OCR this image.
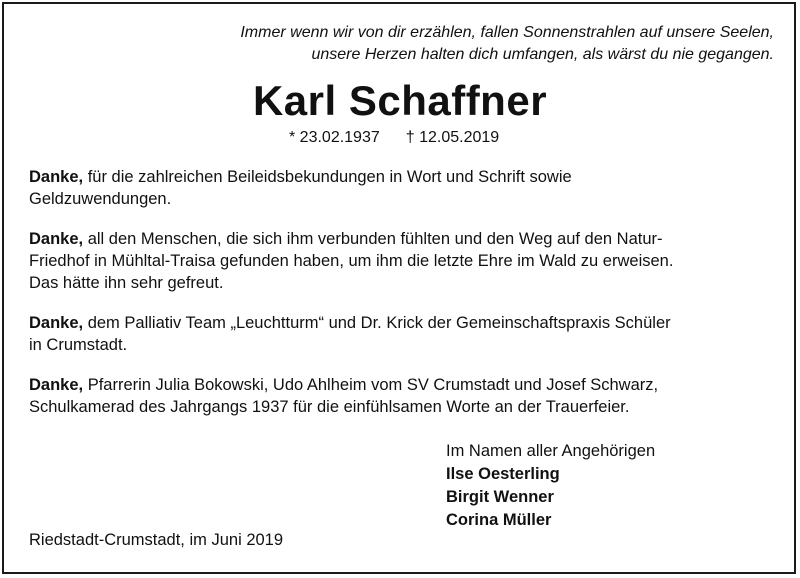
Immer wenn wir von dir erzählen, fallen Sonnenstrahlen auf unsere Seelen,
unsere Herzen halten dich umfangen, als wärst du nie gegangen.
Karl Schaffner
* 23.02.1937 † 12.05.2019

Danke, für die zahlreichen Beileidsbekundungen in Wort und Schrift sowie
Geldzuwendungen.

Danke, all den Menschen, die sich ihm verbunden fühlten und den Weg auf den Natur-
Friedhof in Mühltal-Traisa gefunden haben, um ihm die letzte Ehre im Wald zu erweisen.
Das hätte ihn sehr gefreut.

Danke, dem Palliativ Team „Leuchtturm“ und Dr. Krick der Gemeinschaftspraxis Schüler
in Crumstadt.

Danke, Pfarrerin Julia Bokowski, Udo Ahlheim vom SV Crumstadt und Josef Schwarz,
Schulkamerad des Jahrgangs 1937 für die einfühlsamen Worte an der Trauerfeier.

Im Namen aller Angehörigen
Ilse Oesterling
Birgit Wenner
Corina Müller
Riedstadt-Crumstadt, im Juni 2019
